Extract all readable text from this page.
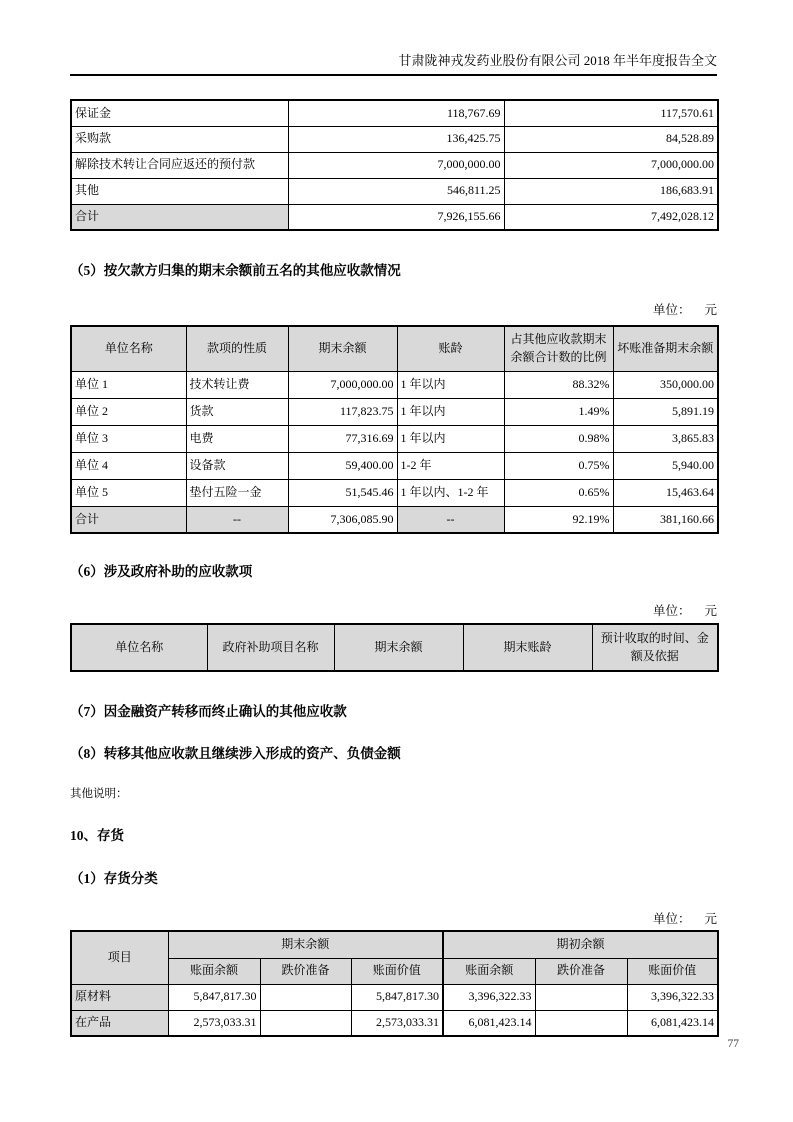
甘肃陇神戎发药业股份有限公司 2018 年半年度报告全文
保证金	118,767.69	117,570.61
采购款	136,425.75	84,528.89
解除技术转让合同应返还的预付款	7,000,000.00	7,000,000.00
其他	546,811.25	186,683.91
合计	7,926,155.66	7,492,028.12
（5）按欠款方归集的期末余额前五名的其他应收款情况
单位： 元
单位名称	款项的性质	期末余额	账龄	占其他应收款期末余额合计数的比例	坏账准备期末余额
单位 1	技术转让费	7,000,000.00	1 年以内	88.32%	350,000.00
单位 2	货款	117,823.75	1 年以内	1.49%	5,891.19
单位 3	电费	77,316.69	1 年以内	0.98%	3,865.83
单位 4	设备款	59,400.00	1-2 年	0.75%	5,940.00
单位 5	垫付五险一金	51,545.46	1 年以内、1-2 年	0.65%	15,463.64
合计	--	7,306,085.90	--	92.19%	381,160.66
（6）涉及政府补助的应收款项
单位： 元
单位名称	政府补助项目名称	期末余额	期末账龄	预计收取的时间、金额及依据
（7）因金融资产转移而终止确认的其他应收款
（8）转移其他应收款且继续涉入形成的资产、负债金额
其他说明：
10、存货
（1）存货分类
单位： 元
项目	期末余额			期初余额		
	账面余额	跌价准备	账面价值	账面余额	跌价准备	账面价值
原材料	5,847,817.30		5,847,817.30	3,396,322.33		3,396,322.33
在产品	2,573,033.31		2,573,033.31	6,081,423.14		6,081,423.14
77
